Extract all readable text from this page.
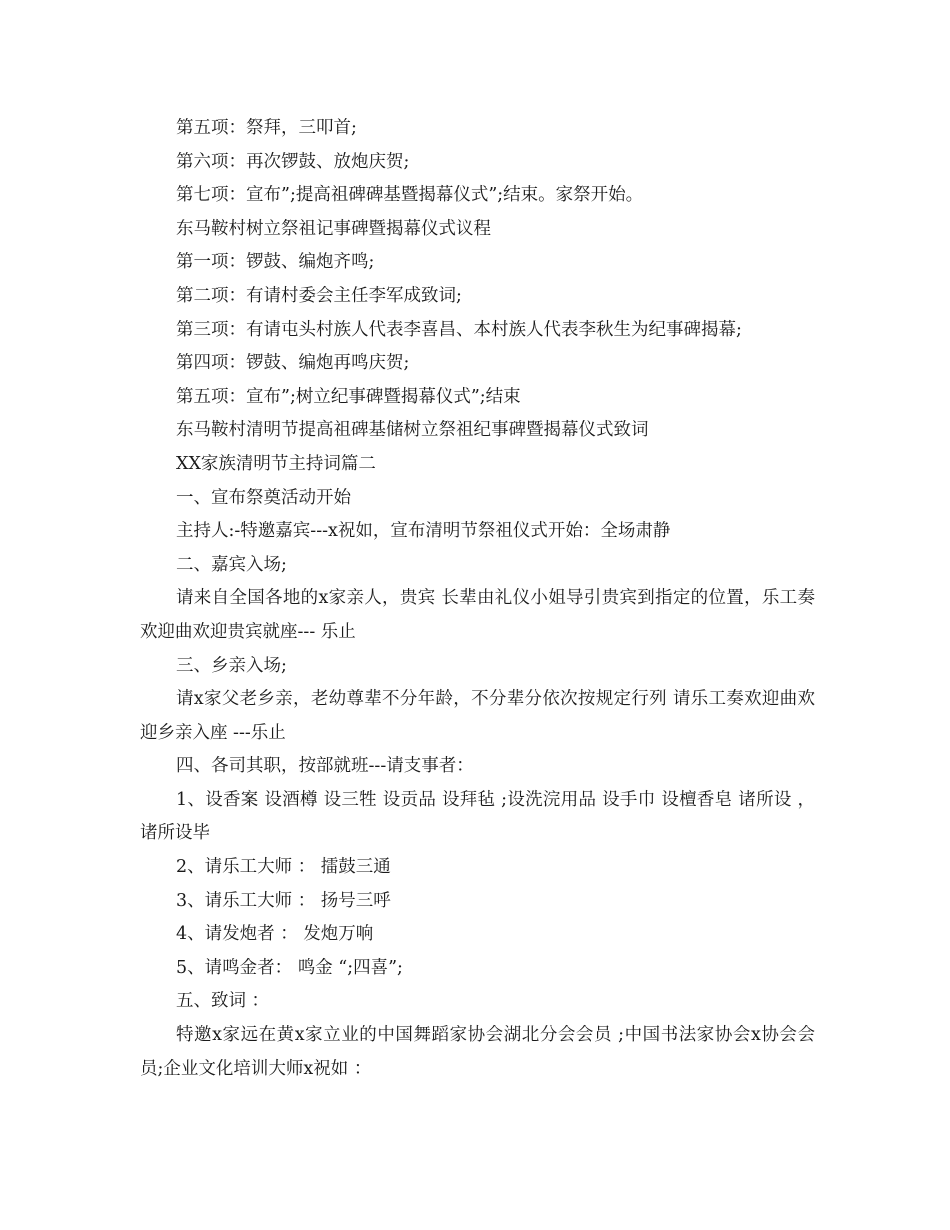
第五项：祭拜，三叩首;

第六项：再次锣鼓、放炮庆贺;

第七项：宣布”;提高祖碑碑基暨揭幕仪式”;结束。家祭开始。

东马鞍村树立祭祖记事碑暨揭幕仪式议程

第一项：锣鼓、编炮齐鸣;

第二项：有请村委会主任李军成致词;

第三项：有请屯头村族人代表李喜昌、本村族人代表李秋生为纪事碑揭幕;

第四项：锣鼓、编炮再鸣庆贺;

第五项：宣布”;树立纪事碑暨揭幕仪式”;结束

东马鞍村清明节提高祖碑基储树立祭祖纪事碑暨揭幕仪式致词

XX家族清明节主持词篇二

一、宣布祭奠活动开始

主持人:-特邀嘉宾---x祝如，宣布清明节祭祖仪式开始：全场肃静

二、嘉宾入场;

请来自全国各地的x家亲人，贵宾 长辈由礼仪小姐导引贵宾到指定的位置，乐工奏欢迎曲欢迎贵宾就座--- 乐止

三、乡亲入场;

请x家父老乡亲，老幼尊辈不分年龄，不分辈分依次按规定行列 请乐工奏欢迎曲欢迎乡亲入座 ---乐止

四、各司其职，按部就班---请支事者：

1、设香案 设酒樽 设三牲 设贡品 设拜毡 ;设洗浣用品 设手巾 设檀香皂 诸所设 ，诸所设毕

2、请乐工大师 ： 擂鼓三通

3、请乐工大师 ： 扬号三呼

4、请发炮者 ： 发炮万响

5、请鸣金者： 鸣金 “;四喜”;

五、致词 ：

特邀x家远在黄x家立业的中国舞蹈家协会湖北分会会员 ;中国书法家协会x协会会员;企业文化培训大师x祝如 ：
